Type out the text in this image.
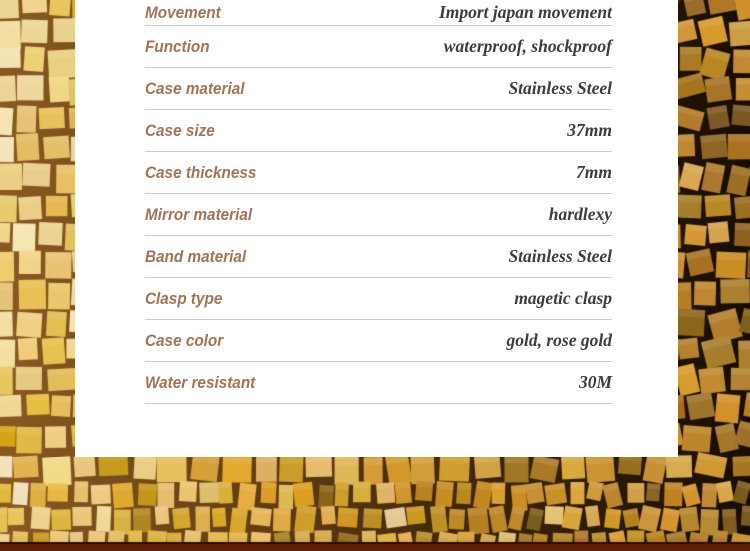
Movement	Import japan movement
Function	waterproof, shockproof
Case material	Stainless Steel
Case size	37mm
Case thickness	7mm
Mirror material	hardlexy
Band material	Stainless Steel
Clasp type	magetic clasp
Case color	gold, rose gold
Water resistant	30M
